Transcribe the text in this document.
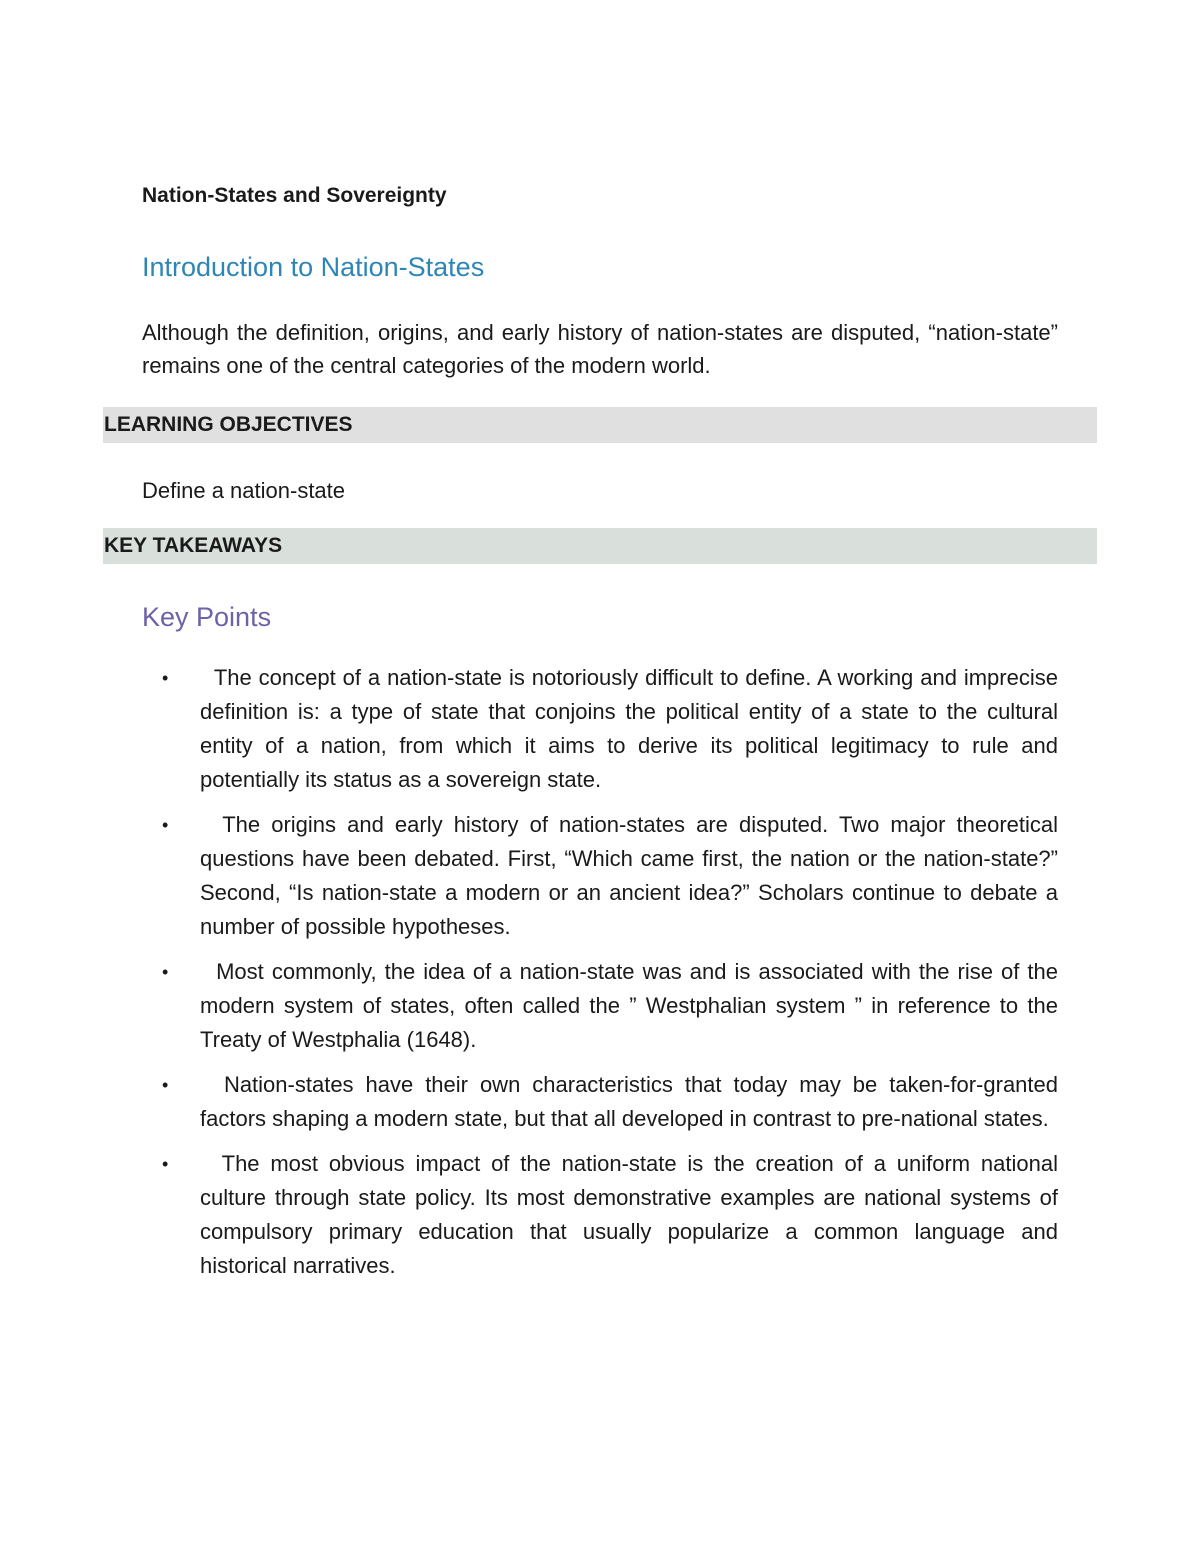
Nation-States and Sovereignty
Introduction to Nation-States

Although the definition, origins, and early history of nation-states are disputed, “nation-state” remains one of the central categories of the modern world.

LEARNING OBJECTIVES

Define a nation-state

KEY TAKEAWAYS
Key Points
•	The concept of a nation-state is notoriously difficult to define. A working and imprecise definition is: a type of state that conjoins the political entity of a state to the cultural entity of a nation, from which it aims to derive its political legitimacy to rule and potentially its status as a sovereign state.
•	The origins and early history of nation-states are disputed. Two major theoretical questions have been debated. First, “Which came first, the nation or the nation-state?” Second, “Is nation-state a modern or an ancient idea?” Scholars continue to debate a number of possible hypotheses.
•	Most commonly, the idea of a nation-state was and is associated with the rise of the modern system of states, often called the ” Westphalian system ” in reference to the Treaty of Westphalia (1648).
•	Nation-states have their own characteristics that today may be taken-for-granted factors shaping a modern state, but that all developed in contrast to pre-national states.
•	The most obvious impact of the nation-state is the creation of a uniform national culture through state policy. Its most demonstrative examples are national systems of compulsory primary education that usually popularize a common language and historical narratives.
